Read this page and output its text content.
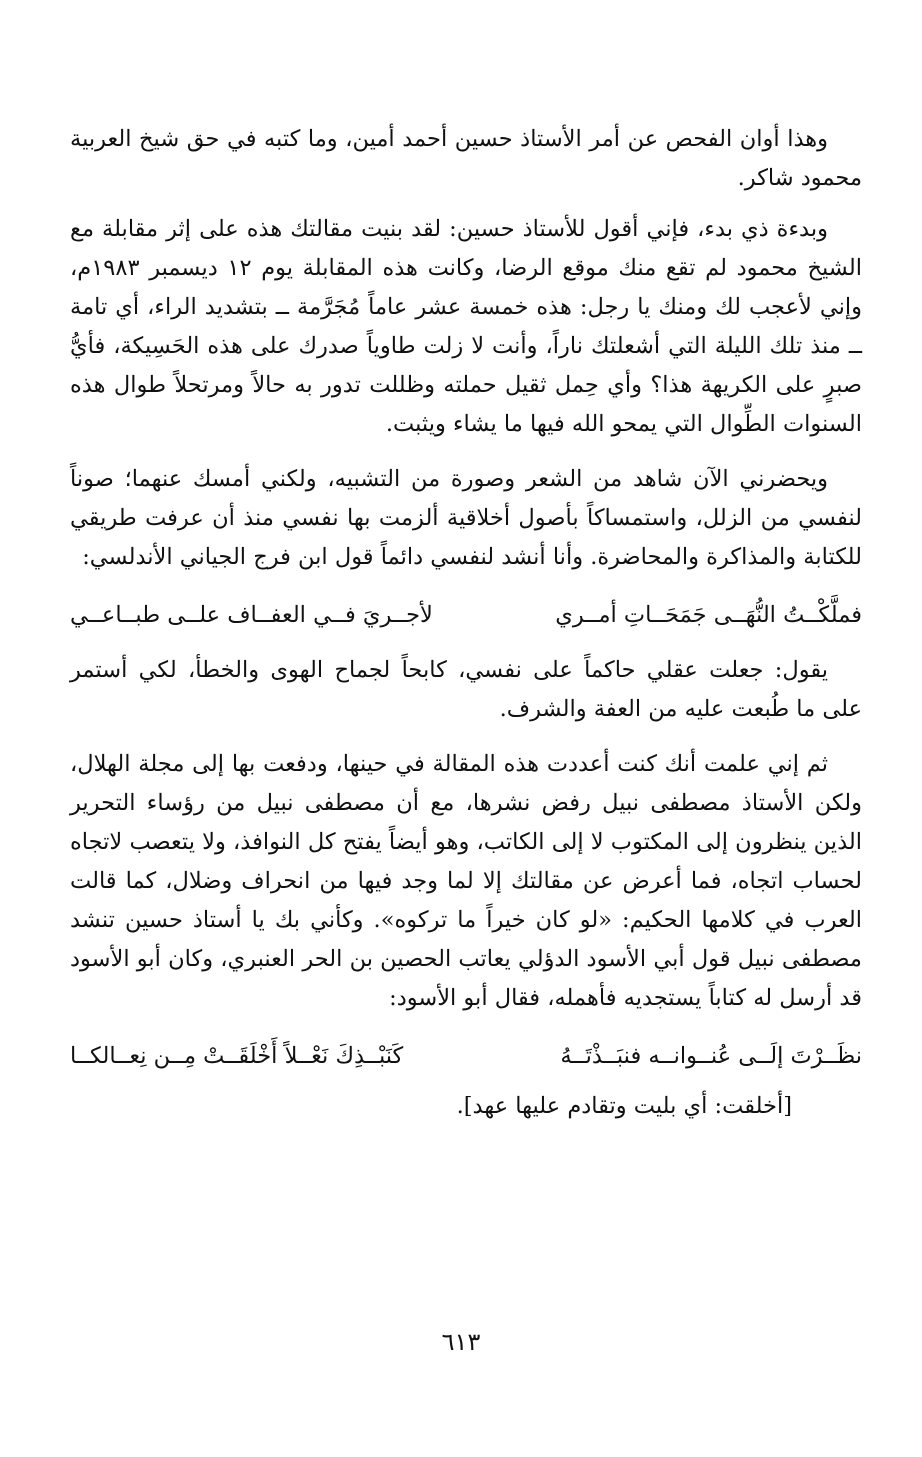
وهذا أوان الفحص عن أمر الأستاذ حسين أحمد أمين، وما كتبه في حق شيخ العربية محمود شاكر.

وبدءة ذي بدء، فإني أقول للأستاذ حسين: لقد بنيت مقالتك هذه على إثر مقابلة مع الشيخ محمود لم تقع منك موقع الرضا، وكانت هذه المقابلة يوم ١٢ ديسمبر ١٩٨٣م، وإني لأعجب لك ومنك يا رجل: هذه خمسة عشر عاماً مُجَرَّمة ــ بتشديد الراء، أي تامة ــ منذ تلك الليلة التي أشعلتك ناراً، وأنت لا زلت طاوياً صدرك على هذه الحَسِيكة، فأيُّ صبرٍ على الكريهة هذا؟ وأي حِمل ثقيل حملته وظللت تدور به حالاً ومرتحلاً طوال هذه السنوات الطِّوال التي يمحو الله فيها ما يشاء ويثبت.

ويحضرني الآن شاهد من الشعر وصورة من التشبيه، ولكني أمسك عنهما؛ صوناً لنفسي من الزلل، واستمساكاً بأصول أخلاقية ألزمت بها نفسي منذ أن عرفت طريقي للكتابة والمذاكرة والمحاضرة. وأنا أنشد لنفسي دائماً قول ابن فرج الجياني الأندلسي:

فملَّكْــتُ النُّهَــى جَمَحَــاتِ أمــري
لأجــريَ فــي العفــاف علــى طبــاعــي

يقول: جعلت عقلي حاكماً على نفسي، كابحاً لجماح الهوى والخطأ، لكي أستمر على ما طُبعت عليه من العفة والشرف.

ثم إني علمت أنك كنت أعددت هذه المقالة في حينها، ودفعت بها إلى مجلة الهلال، ولكن الأستاذ مصطفى نبيل رفض نشرها، مع أن مصطفى نبيل من رؤساء التحرير الذين ينظرون إلى المكتوب لا إلى الكاتب، وهو أيضاً يفتح كل النوافذ، ولا يتعصب لاتجاه لحساب اتجاه، فما أعرض عن مقالتك إلا لما وجد فيها من انحراف وضلال، كما قالت العرب في كلامها الحكيم: «لو كان خيراً ما تركوه». وكأني بك يا أستاذ حسين تنشد مصطفى نبيل قول أبي الأسود الدؤلي يعاتب الحصين بن الحر العنبري، وكان أبو الأسود قد أرسل له كتاباً يستجديه فأهمله، فقال أبو الأسود:

نظَــرْتَ إلَــى عُنــوانــه فنبَــذْتَــهُ
كَنَبْــذِكَ نَعْــلاً أَخْلَقَــتْ مِــن نِعــالكــا

[أخلقت: أي بليت وتقادم عليها عهد].

٦١٣
